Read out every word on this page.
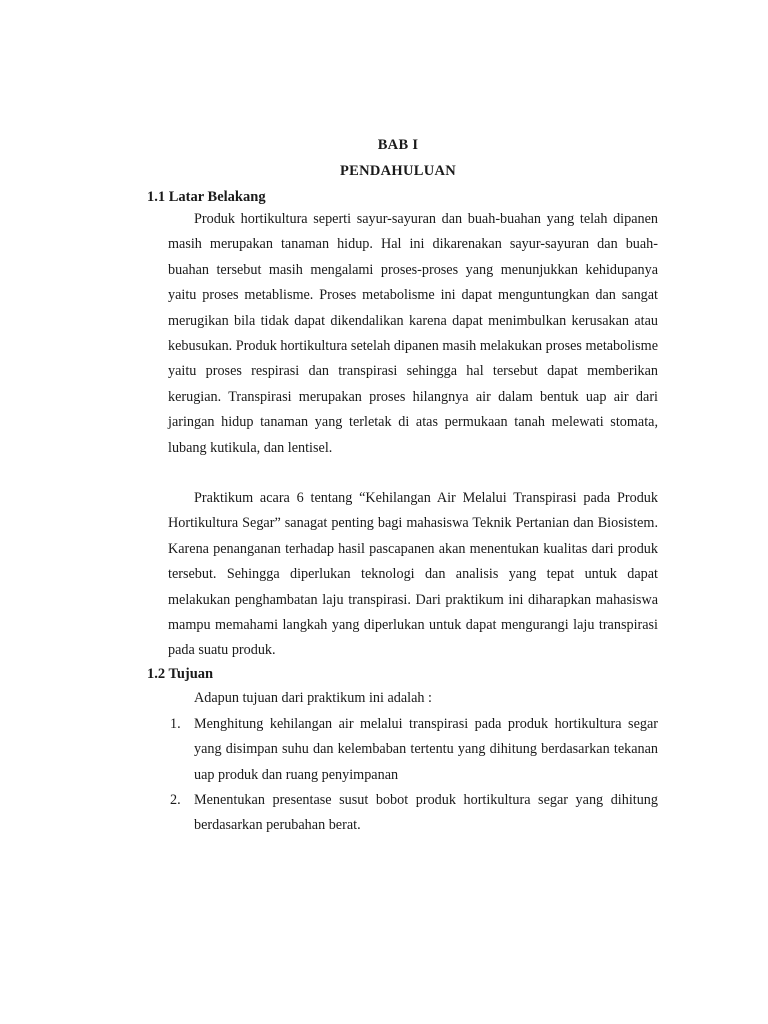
BAB I
PENDAHULUAN
1.1 Latar Belakang

Produk hortikultura seperti sayur-sayuran dan buah-buahan yang telah dipanen masih merupakan tanaman hidup. Hal ini dikarenakan sayur-sayuran dan buah-buahan tersebut masih mengalami proses-proses yang menunjukkan kehidupanya yaitu proses metablisme. Proses metabolisme ini dapat menguntungkan dan sangat merugikan bila tidak dapat dikendalikan karena dapat menimbulkan kerusakan atau kebusukan. Produk hortikultura setelah dipanen masih melakukan proses metabolisme yaitu proses respirasi dan transpirasi sehingga hal tersebut dapat memberikan kerugian. Transpirasi merupakan proses hilangnya air dalam bentuk uap air dari jaringan hidup tanaman yang terletak di atas permukaan tanah melewati stomata, lubang kutikula, dan lentisel.

Praktikum acara 6 tentang “Kehilangan Air Melalui Transpirasi pada Produk Hortikultura Segar” sanagat penting bagi mahasiswa Teknik Pertanian dan Biosistem. Karena penanganan terhadap hasil pascapanen akan menentukan kualitas dari produk tersebut. Sehingga diperlukan teknologi dan analisis yang tepat untuk dapat melakukan penghambatan laju transpirasi. Dari praktikum ini diharapkan mahasiswa mampu memahami langkah yang diperlukan untuk dapat mengurangi laju transpirasi pada suatu produk.

1.2 Tujuan
Adapun tujuan dari praktikum ini adalah :
1. Menghitung kehilangan air melalui transpirasi pada produk hortikultura segar yang disimpan suhu dan kelembaban tertentu yang dihitung berdasarkan tekanan uap produk dan ruang penyimpanan
2. Menentukan presentase susut bobot produk hortikultura segar yang dihitung berdasarkan perubahan berat.
